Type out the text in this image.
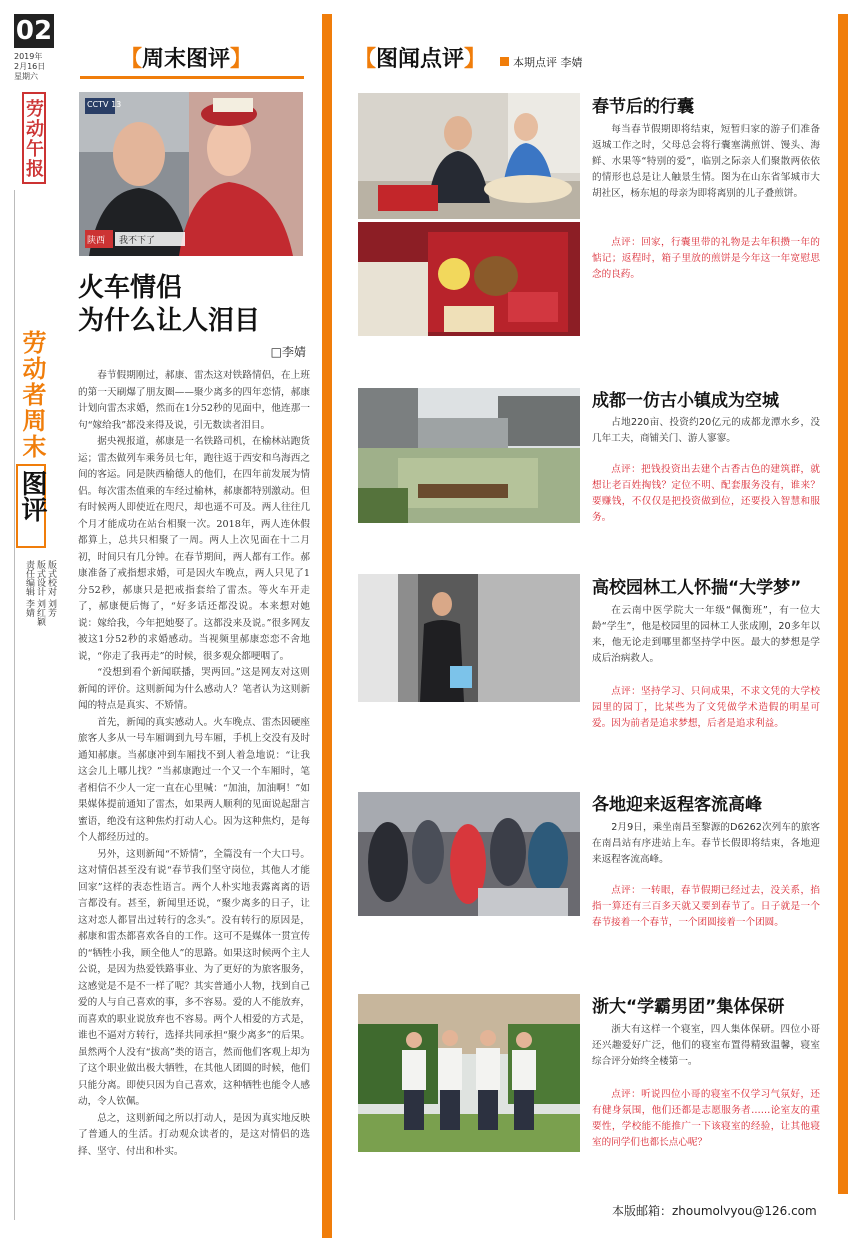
02
2019年
2月16日
星期六
劳动午报
劳动者周末
图评
版式校对 刘芳
版式设计 刘红颖
责任编辑 李婧
【周末图评】
CCTV 13
陕西 我不下了
火车情侣
为什么让人泪目
□李婧

春节假期刚过，郝康、雷杰这对铁路情侣，在上班的第一天刷爆了朋友圈——聚少离多的四年恋情，郝康计划向雷杰求婚，然而在1分52秒的见面中，他连那一句“嫁给我”都没来得及说，引无数读者泪目。

据央视报道，郝康是一名铁路司机，在榆林站跑货运；雷杰做列车乘务员七年，跑往返于西安和乌海西之间的客运。同是陕西榆德人的他们，在四年前发展为情侣。每次雷杰值乘的车经过榆林，郝康都特别激动。但有时候两人即使近在咫尺，却也遥不可及。两人往往几个月才能成功在站台相聚一次。2018年，两人连休假都算上，总共只相聚了一周。两人上次见面在十二月初，时间只有几分钟。在春节期间，两人都有工作。郝康准备了戒指想求婚，可是因火车晚点，两人只见了1分52秒，郝康只是把戒指套给了雷杰。等火车开走了，郝康便后悔了，“好多话还都没说。本来想对她说：嫁给我，今年把她娶了。这都没来及说。”很多网友被这1分52秒的求婚感动。当视频里郝康恋恋不舍地说，“你走了我再走”的时候，很多观众都哽咽了。

“没想到看个新闻联播，哭两回。”这是网友对这则新闻的评价。这则新闻为什么感动人？笔者认为这则新闻的特点是真实、不矫情。

首先，新闻的真实感动人。火车晚点、雷杰因硬座旅客人多从一号车厢调到九号车厢，手机上交没有及时通知郝康。当郝康冲到车厢找不到人着急地说：“让我这会儿上哪儿找？”当郝康跑过一个又一个车厢时，笔者相信不少人一定一直在心里喊：“加油，加油啊！”如果媒体提前通知了雷杰，如果两人顺利的见面说起甜言蜜语，绝没有这种焦灼打动人心。因为这种焦灼，是每个人都经历过的。

另外，这则新闻“不矫情”，全篇没有一个大口号。这对情侣甚至没有说“春节我们坚守岗位，其他人才能回家”这样的表态性语言。两个人朴实地表露离离的语言都没有。甚至，新闻里还说，“聚少离多的日子，让这对恋人都冒出过转行的念头”。没有转行的原因是，郝康和雷杰都喜欢各自的工作。这可不是媒体一贯宣传的“牺牲小我，顾全他人”的思路。如果这时候两个主人公说，是因为热爱铁路事业、为了更好的为旅客服务，这感觉是不是不一样了呢？其实普通小人物，找到自己爱的人与自己喜欢的事，多不容易。爱的人不能放弃，而喜欢的职业说放弃也不容易。两个人相爱的方式是，谁也不逼对方转行，选择共同承担“聚少离多”的后果。虽然两个人没有“拔高”类的语言，然而他们客观上却为了这个职业做出极大牺牲，在其他人团圆的时候，他们只能分离。即使只因为自己喜欢，这种牺牲也能令人感动，令人钦佩。

总之，这则新闻之所以打动人，是因为真实地反映了普通人的生活。打动观众读者的，是这对情侣的选择、坚守、付出和朴实。

【图闻点评】 本期点评 李婧
春节后的行囊
每当春节假期即将结束，短暂归家的游子们准备返城工作之时，父母总会将行囊塞满煎饼、馒头、海鲜、水果等“特别的爱”，临别之际亲人们聚散两依依的情形也总是让人触景生情。图为在山东省邹城市大胡社区，杨东旭的母亲为即将离别的儿子叠煎饼。
点评：回家，行囊里带的礼物是去年积攒一年的惦记；返程时，箱子里放的煎饼是今年这一年宽慰思念的良药。
成都一仿古小镇成为空城
占地220亩、投资约20亿元的成都龙潭水乡，没几年工夫，商铺关门、游人寥寥。
点评：把钱投资出去建个古香古色的建筑群，就想让老百姓掏钱？定位不明、配套服务没有，谁来？要赚钱，不仅仅是把投资做到位，还要投入智慧和服务。
高校园林工人怀揣“大学梦”
在云南中医学院大一年级“佩衡班”，有一位大龄“学生”，他是校园里的园林工人张成刚，20多年以来，他无论走到哪里都坚持学中医。最大的梦想是学成后治病救人。
点评：坚持学习、只问成果，不求文凭的大学校园里的园丁，比某些为了文凭做学术造假的明星可爱。因为前者是追求梦想，后者是追求利益。
各地迎来返程客流高峰
2月9日，乘坐南昌至黎源的D6262次列车的旅客在南昌站有序进站上车。春节长假即将结束，各地迎来返程客流高峰。
点评：一转眼，春节假期已经过去，没关系，掐指一算还有三百多天就又要到春节了。日子就是一个春节接着一个春节，一个团圆接着一个团圆。
浙大“学霸男团”集体保研
浙大有这样一个寝室，四人集体保研。四位小哥还兴趣爱好广泛，他们的寝室布置得精致温馨，寝室综合评分始终全楼第一。
点评：听说四位小哥的寝室不仅学习气氛好，还有健身氛围，他们还都是志愿服务者……论室友的重要性，学校能不能推广一下该寝室的经验，让其他寝室的同学们也都长点心呢？
本版邮箱：zhoumolvyou@126.com
